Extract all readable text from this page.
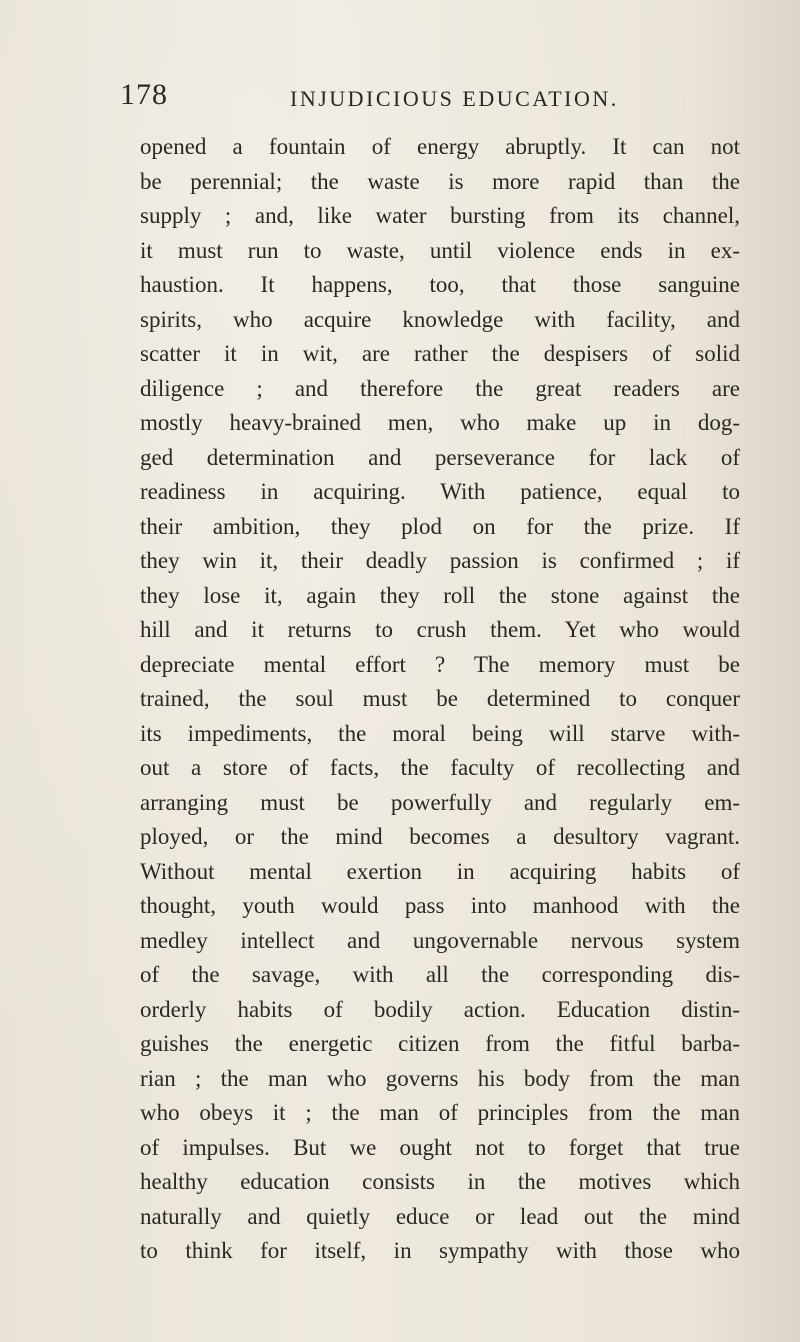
178	INJUDICIOUS EDUCATION.
opened a fountain of energy abruptly. It can not
be perennial; the waste is more rapid than the
supply ; and, like water bursting from its channel,
it must run to waste, until violence ends in ex-
haustion. It happens, too, that those sanguine
spirits, who acquire knowledge with facility, and
scatter it in wit, are rather the despisers of solid
diligence ; and therefore the great readers are
mostly heavy-brained men, who make up in dog-
ged determination and perseverance for lack of
readiness in acquiring. With patience, equal to
their ambition, they plod on for the prize. If
they win it, their deadly passion is confirmed ; if
they lose it, again they roll the stone against the
hill and it returns to crush them. Yet who would
depreciate mental effort ? The memory must be
trained, the soul must be determined to conquer
its impediments, the moral being will starve with-
out a store of facts, the faculty of recollecting and
arranging must be powerfully and regularly em-
ployed, or the mind becomes a desultory vagrant.
Without mental exertion in acquiring habits of
thought, youth would pass into manhood with the
medley intellect and ungovernable nervous system
of the savage, with all the corresponding dis-
orderly habits of bodily action. Education distin-
guishes the energetic citizen from the fitful barba-
rian ; the man who governs his body from the man
who obeys it ; the man of principles from the man
of impulses. But we ought not to forget that true
healthy education consists in the motives which
naturally and quietly educe or lead out the mind
to think for itself, in sympathy with those who
